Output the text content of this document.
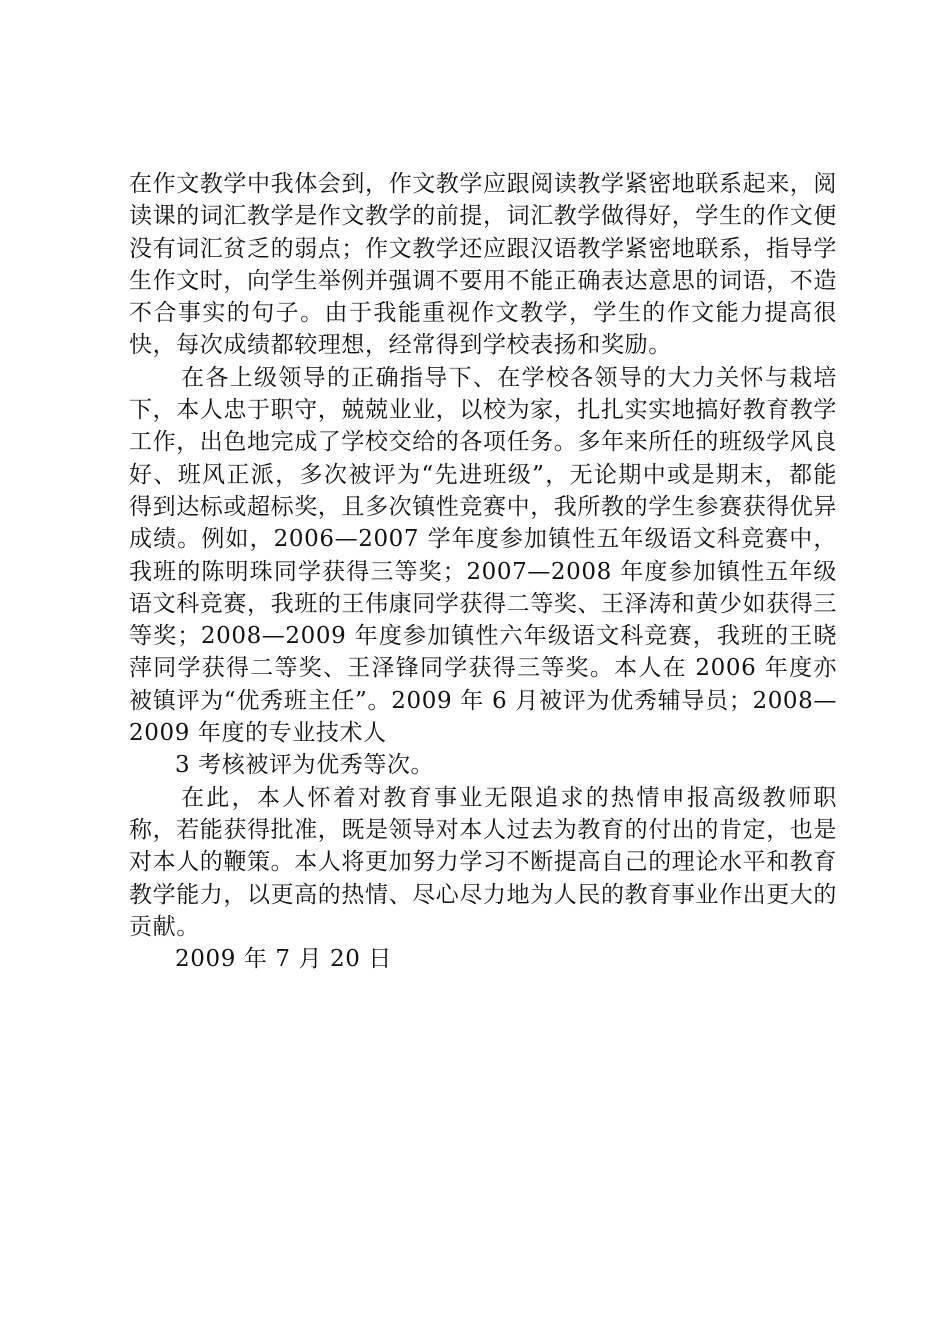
在作文教学中我体会到，作文教学应跟阅读教学紧密地联系起来，阅读课的词汇教学是作文教学的前提，词汇教学做得好，学生的作文便没有词汇贫乏的弱点；作文教学还应跟汉语教学紧密地联系，指导学生作文时，向学生举例并强调不要用不能正确表达意思的词语，不造不合事实的句子。由于我能重视作文教学，学生的作文能力提高很快，每次成绩都较理想，经常得到学校表扬和奖励。

在各上级领导的正确指导下、在学校各领导的大力关怀与栽培下，本人忠于职守，兢兢业业，以校为家，扎扎实实地搞好教育教学工作，出色地完成了学校交给的各项任务。多年来所任的班级学风良好、班风正派，多次被评为“先进班级”，无论期中或是期末，都能得到达标或超标奖，且多次镇性竞赛中，我所教的学生参赛获得优异成绩。例如，2006—2007 学年度参加镇性五年级语文科竞赛中，我班的陈明珠同学获得三等奖；2007—2008 年度参加镇性五年级语文科竞赛，我班的王伟康同学获得二等奖、王泽涛和黄少如获得三等奖；2008—2009 年度参加镇性六年级语文科竞赛，我班的王晓萍同学获得二等奖、王泽锋同学获得三等奖。本人在 2006 年度亦被镇评为“优秀班主任”。2009 年 6 月被评为优秀辅导员；2008—2009 年度的专业技术人

3 考核被评为优秀等次。

在此，本人怀着对教育事业无限追求的热情申报高级教师职称，若能获得批准，既是领导对本人过去为教育的付出的肯定，也是对本人的鞭策。本人将更加努力学习不断提高自己的理论水平和教育教学能力，以更高的热情、尽心尽力地为人民的教育事业作出更大的贡献。

2009 年 7 月 20 日
